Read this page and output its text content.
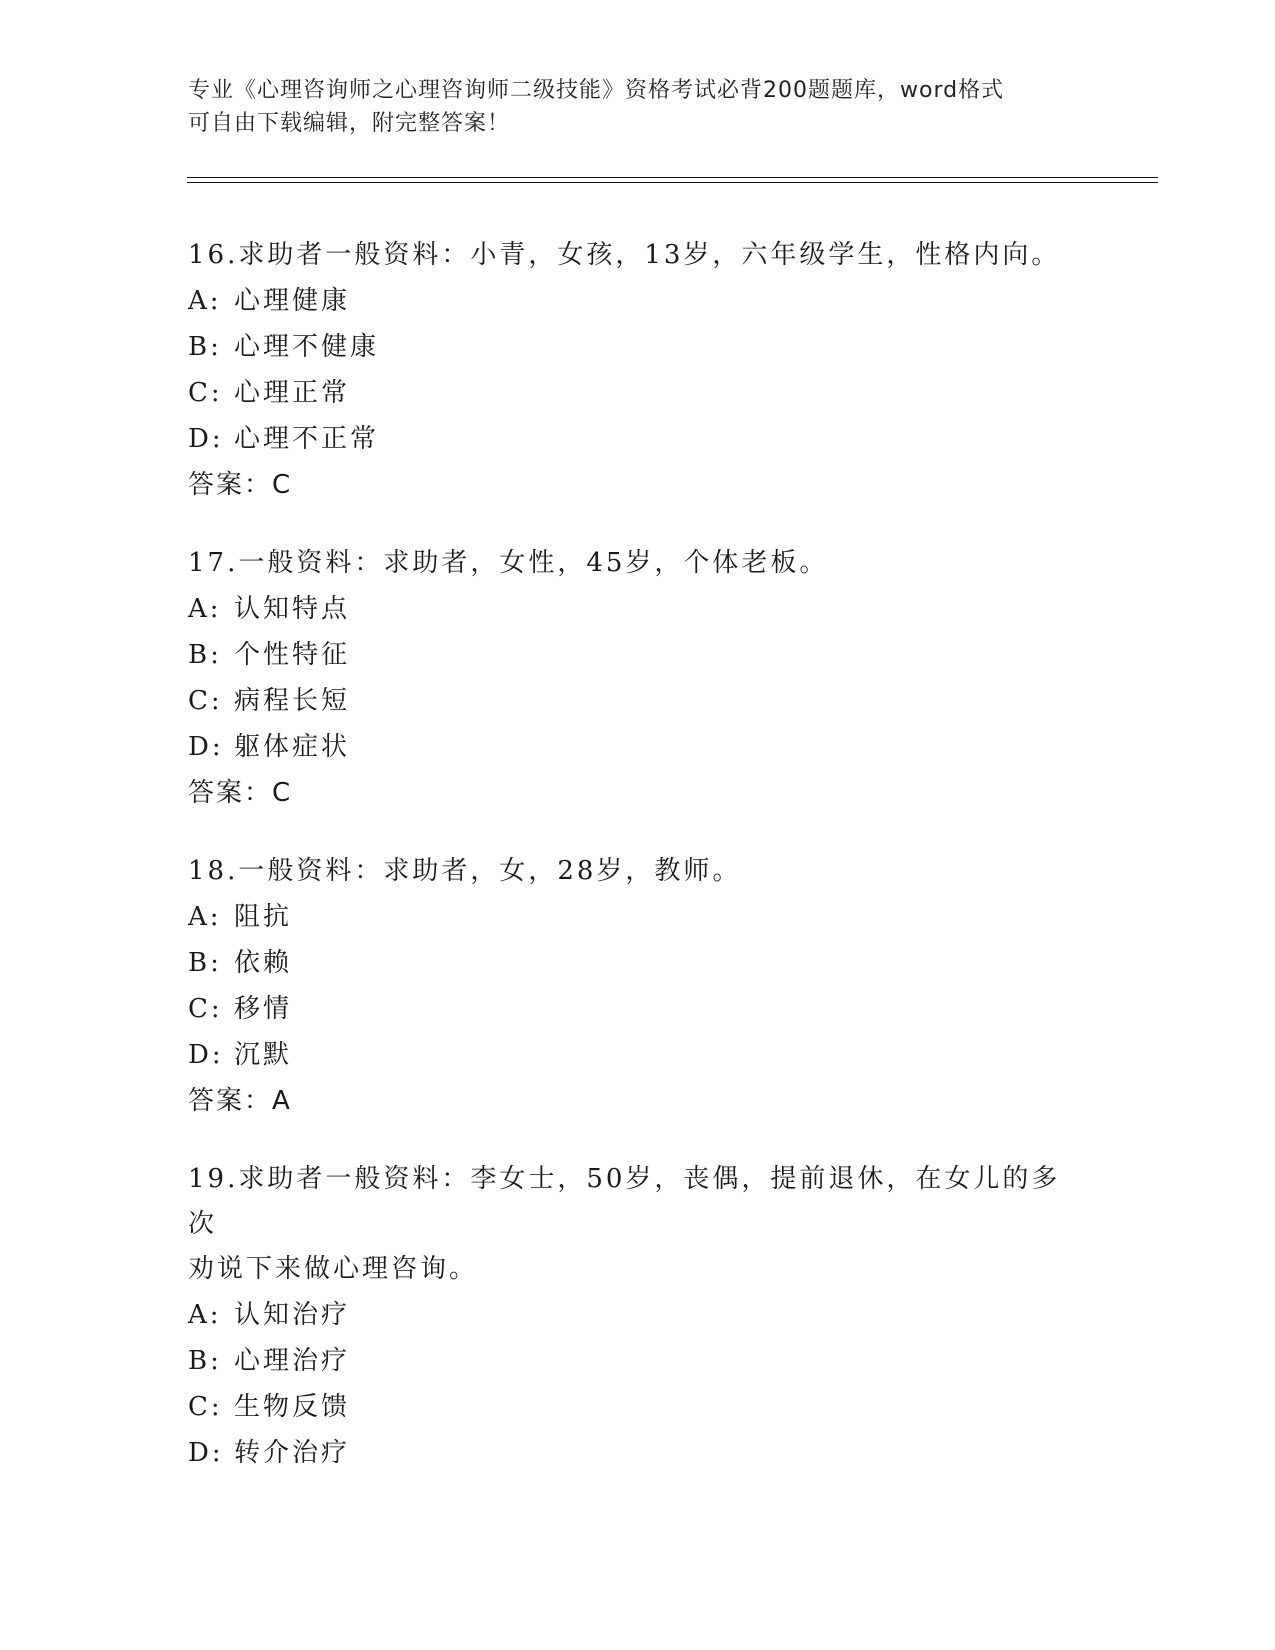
专业《心理咨询师之心理咨询师二级技能》资格考试必背200题题库，word格式
可自由下载编辑，附完整答案！
16.求助者一般资料：小青，女孩，13岁，六年级学生，性格内向。
A: 心理健康
B: 心理不健康
C: 心理正常
D: 心理不正常
答案：C
17.一般资料：求助者，女性，45岁，个体老板。
A: 认知特点
B: 个性特征
C: 病程长短
D: 躯体症状
答案：C
18.一般资料：求助者，女，28岁，教师。
A: 阻抗
B: 依赖
C: 移情
D: 沉默
答案：A
19.求助者一般资料：李女士，50岁，丧偶，提前退休，在女儿的多次
劝说下来做心理咨询。
A: 认知治疗
B: 心理治疗
C: 生物反馈
D: 转介治疗
